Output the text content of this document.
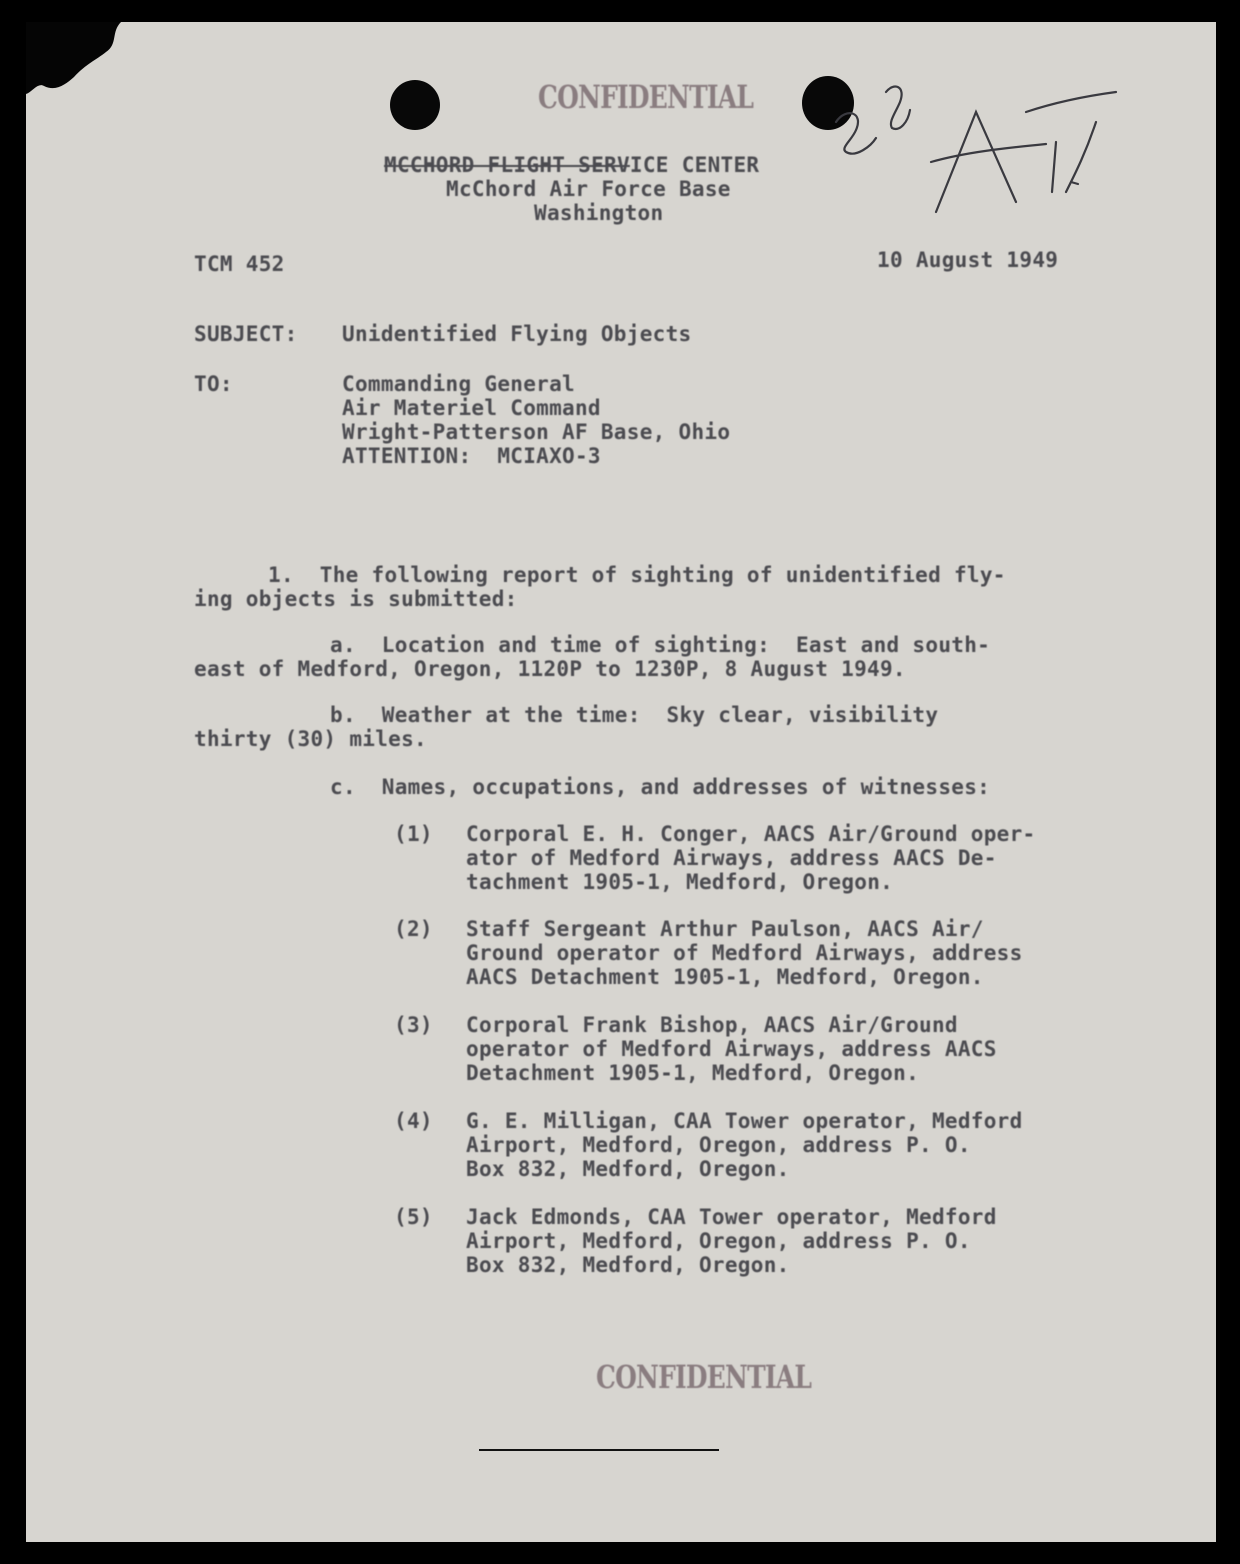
CONFIDENTIAL
MCCHORD FLIGHT SERVICE CENTER
McChord Air Force Base
Washington
TCM 452	10 August 1949
SUBJECT: Unidentified Flying Objects
TO:	Commanding General
Air Materiel Command
Wright-Patterson AF Base, Ohio
ATTENTION:  MCIAXO-3
1.  The following report of sighting of unidentified fly-
ing objects is submitted:
a.  Location and time of sighting:  East and south-
east of Medford, Oregon, 1120P to 1230P, 8 August 1949.
b.  Weather at the time:  Sky clear, visibility
thirty (30) miles.
c.  Names, occupations, and addresses of witnesses:
(1) Corporal E. H. Conger, AACS Air/Ground oper-
ator of Medford Airways, address AACS De-
tachment 1905-1, Medford, Oregon.
(2) Staff Sergeant Arthur Paulson, AACS Air/
Ground operator of Medford Airways, address
AACS Detachment 1905-1, Medford, Oregon.
(3) Corporal Frank Bishop, AACS Air/Ground
operator of Medford Airways, address AACS
Detachment 1905-1, Medford, Oregon.
(4) G. E. Milligan, CAA Tower operator, Medford
Airport, Medford, Oregon, address P. O.
Box 832, Medford, Oregon.
(5) Jack Edmonds, CAA Tower operator, Medford
Airport, Medford, Oregon, address P. O.
Box 832, Medford, Oregon.
CONFIDENTIAL
